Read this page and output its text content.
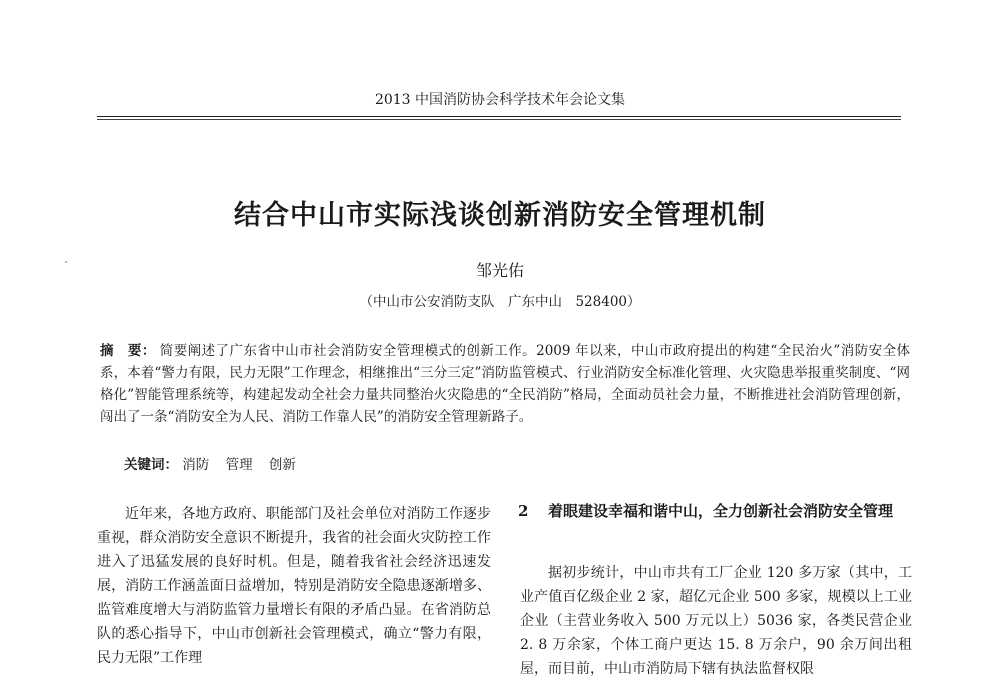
2013 中国消防协会科学技术年会论文集
结合中山市实际浅谈创新消防安全管理机制
邹光佑
（中山市公安消防支队　广东中山　528400）
摘　要： 简要阐述了广东省中山市社会消防安全管理模式的创新工作。2009 年以来，中山市政府提出的构建“全民治火”消防安全体系，本着“警力有限，民力无限”工作理念，相继推出“三分三定”消防监管模式、行业消防安全标准化管理、火灾隐患举报重奖制度、“网格化”智能管理系统等，构建起发动全社会力量共同整治火灾隐患的“全民消防”格局，全面动员社会力量，不断推进社会消防管理创新，闯出了一条“消防安全为人民、消防工作靠人民”的消防安全管理新路子。
关键词： 消防 管理 创新

近年来，各地方政府、职能部门及社会单位对消防工作逐步重视，群众消防安全意识不断提升，我省的社会面火灾防控工作进入了迅猛发展的良好时机。但是，随着我省社会经济迅速发展，消防工作涵盖面日益增加，特别是消防安全隐患逐渐增多、监管难度增大与消防监管力量增长有限的矛盾凸显。在省消防总队的悉心指导下，中山市创新社会管理模式，确立“警力有限，民力无限”工作理

2 着眼建设幸福和谐中山，全力创新社会消防安全管理

据初步统计，中山市共有工厂企业 120 多万家（其中，工业产值百亿级企业 2 家，超亿元企业 500 多家，规模以上工业企业（主营业务收入 500 万元以上）5036 家，各类民营企业 2. 8 万余家，个体工商户更达 15. 8 万余户，90 余万间出租屋，而目前，中山市消防局下辖有执法监督权限
